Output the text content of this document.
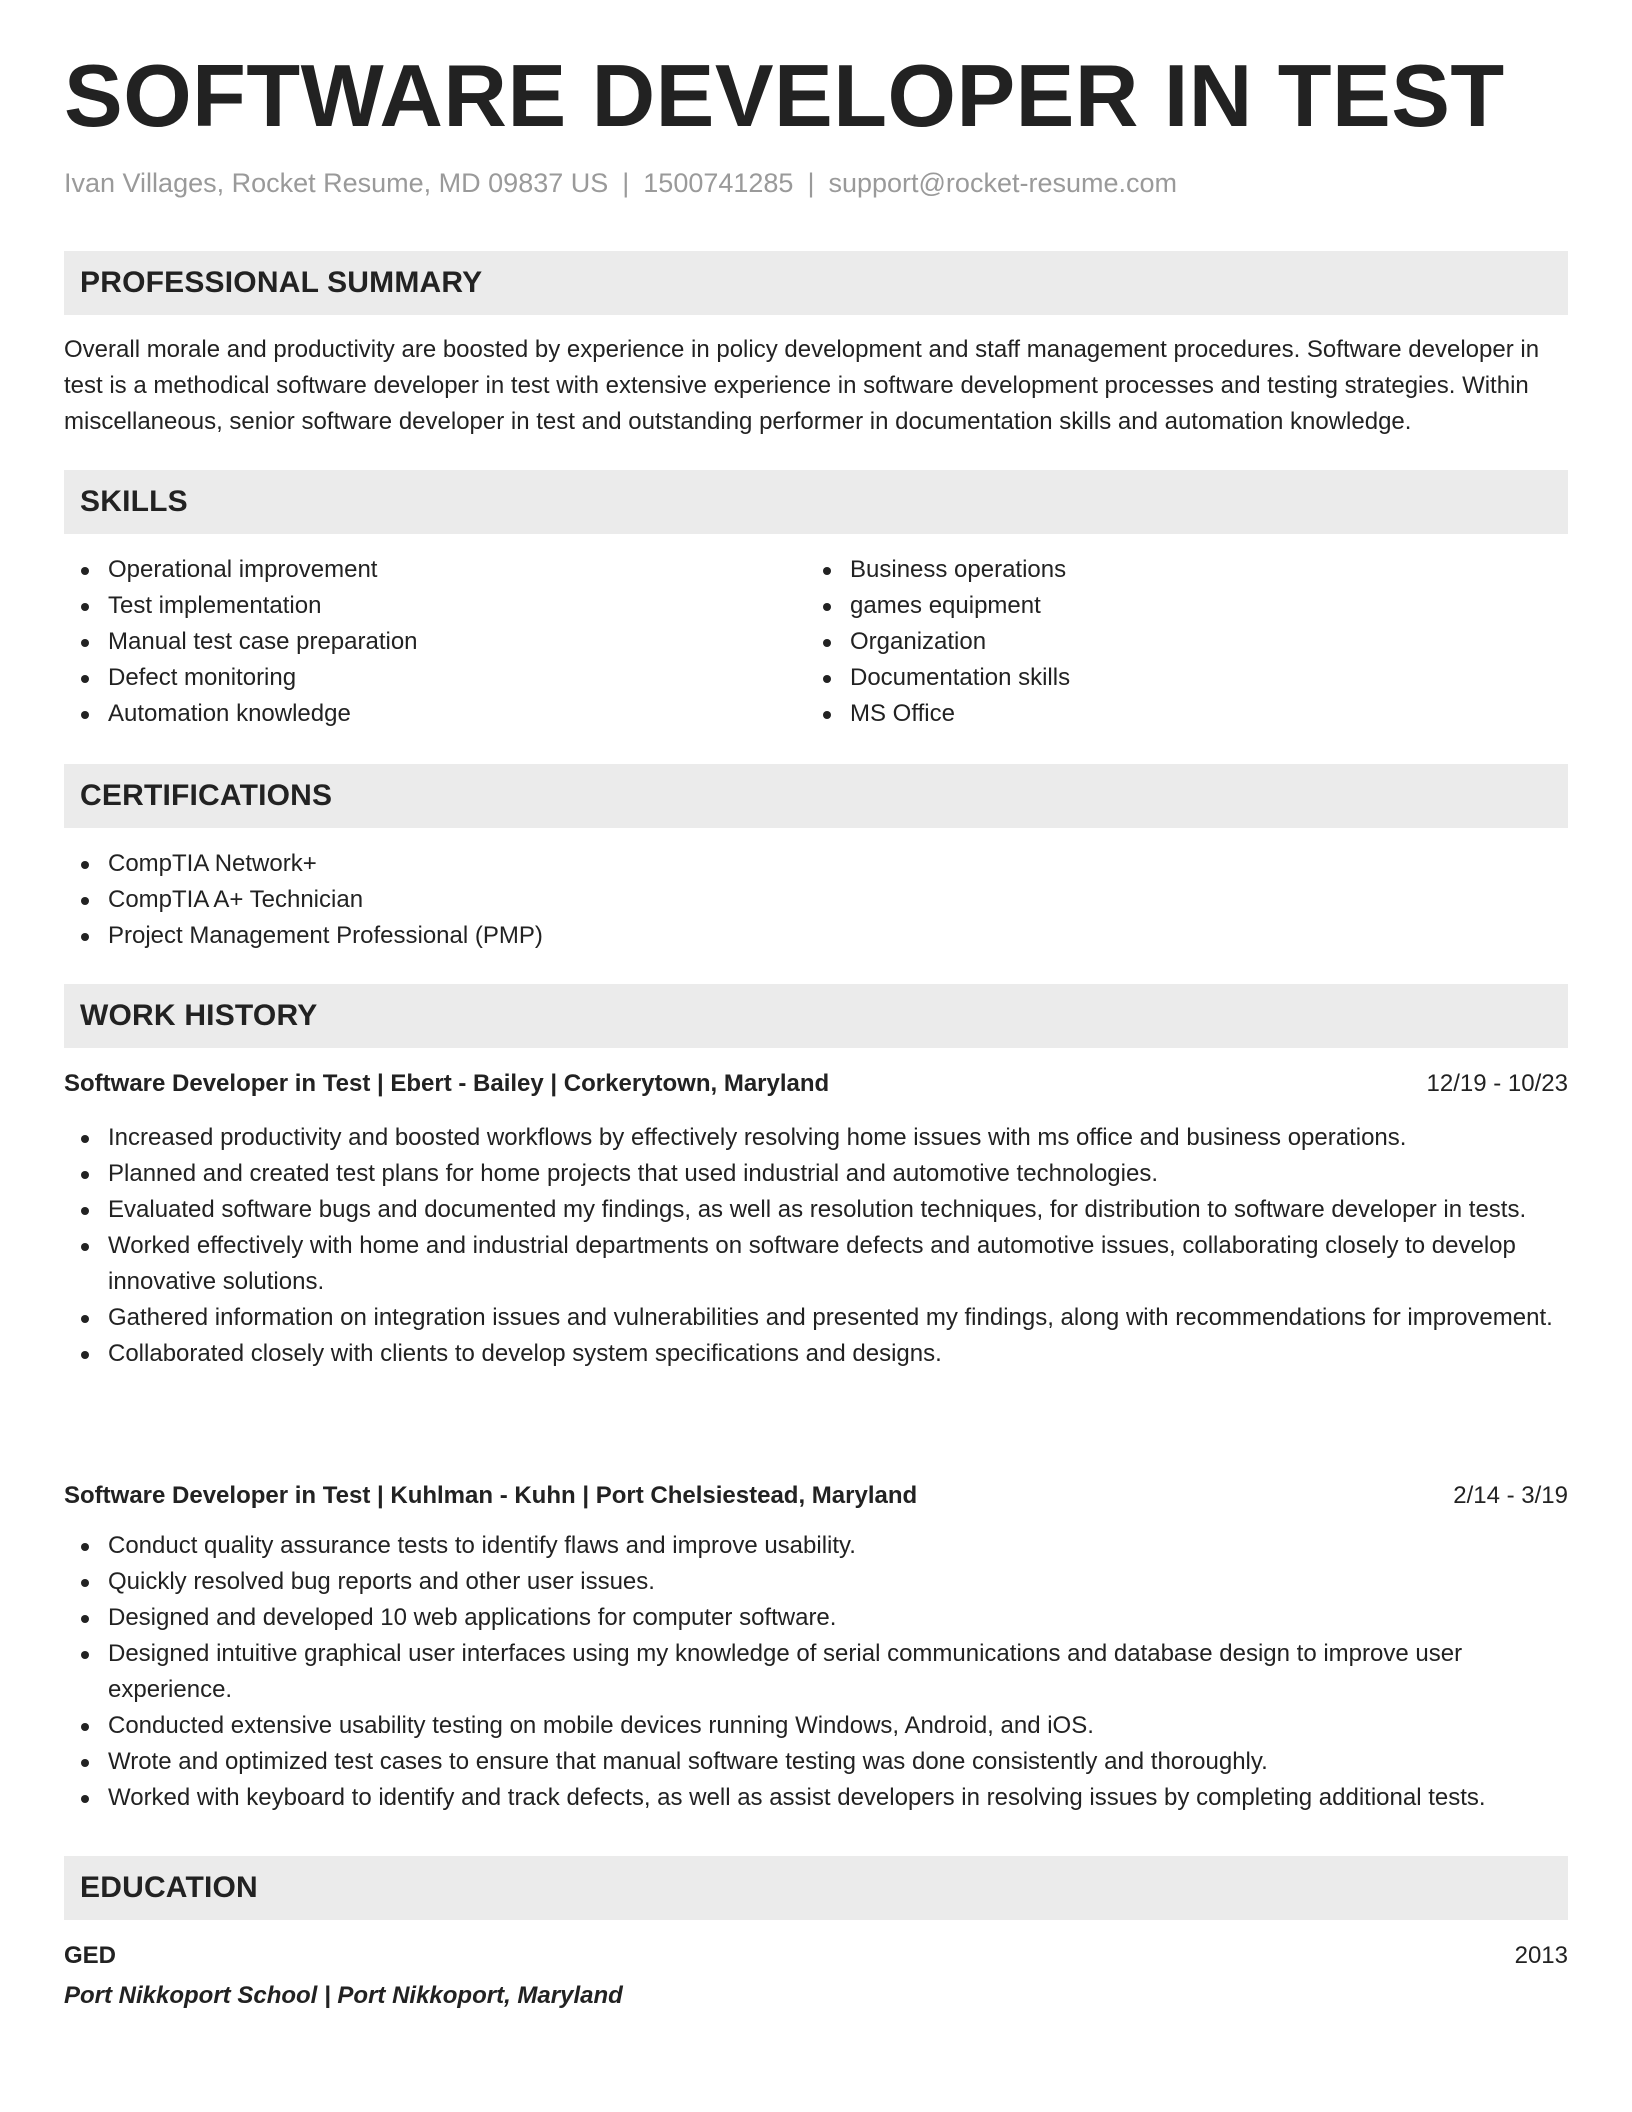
SOFTWARE DEVELOPER IN TEST
Ivan Villages, Rocket Resume, MD 09837 US | 1500741285 | support@rocket-resume.com
PROFESSIONAL SUMMARY
Overall morale and productivity are boosted by experience in policy development and staff management procedures. Software developer in test is a methodical software developer in test with extensive experience in software development processes and testing strategies. Within miscellaneous, senior software developer in test and outstanding performer in documentation skills and automation knowledge.
SKILLS
Operational improvement
Test implementation
Manual test case preparation
Defect monitoring
Automation knowledge
Business operations
games equipment
Organization
Documentation skills
MS Office
CERTIFICATIONS
CompTIA Network+
CompTIA A+ Technician
Project Management Professional (PMP)
WORK HISTORY
Software Developer in Test | Ebert - Bailey | Corkerytown, Maryland	12/19 - 10/23
Increased productivity and boosted workflows by effectively resolving home issues with ms office and business operations.
Planned and created test plans for home projects that used industrial and automotive technologies.
Evaluated software bugs and documented my findings, as well as resolution techniques, for distribution to software developer in tests.
Worked effectively with home and industrial departments on software defects and automotive issues, collaborating closely to develop innovative solutions.
Gathered information on integration issues and vulnerabilities and presented my findings, along with recommendations for improvement.
Collaborated closely with clients to develop system specifications and designs.
Software Developer in Test | Kuhlman - Kuhn | Port Chelsiestead, Maryland	2/14 - 3/19
Conduct quality assurance tests to identify flaws and improve usability.
Quickly resolved bug reports and other user issues.
Designed and developed 10 web applications for computer software.
Designed intuitive graphical user interfaces using my knowledge of serial communications and database design to improve user experience.
Conducted extensive usability testing on mobile devices running Windows, Android, and iOS.
Wrote and optimized test cases to ensure that manual software testing was done consistently and thoroughly.
Worked with keyboard to identify and track defects, as well as assist developers in resolving issues by completing additional tests.
EDUCATION
GED	2013
Port Nikkoport School | Port Nikkoport, Maryland
